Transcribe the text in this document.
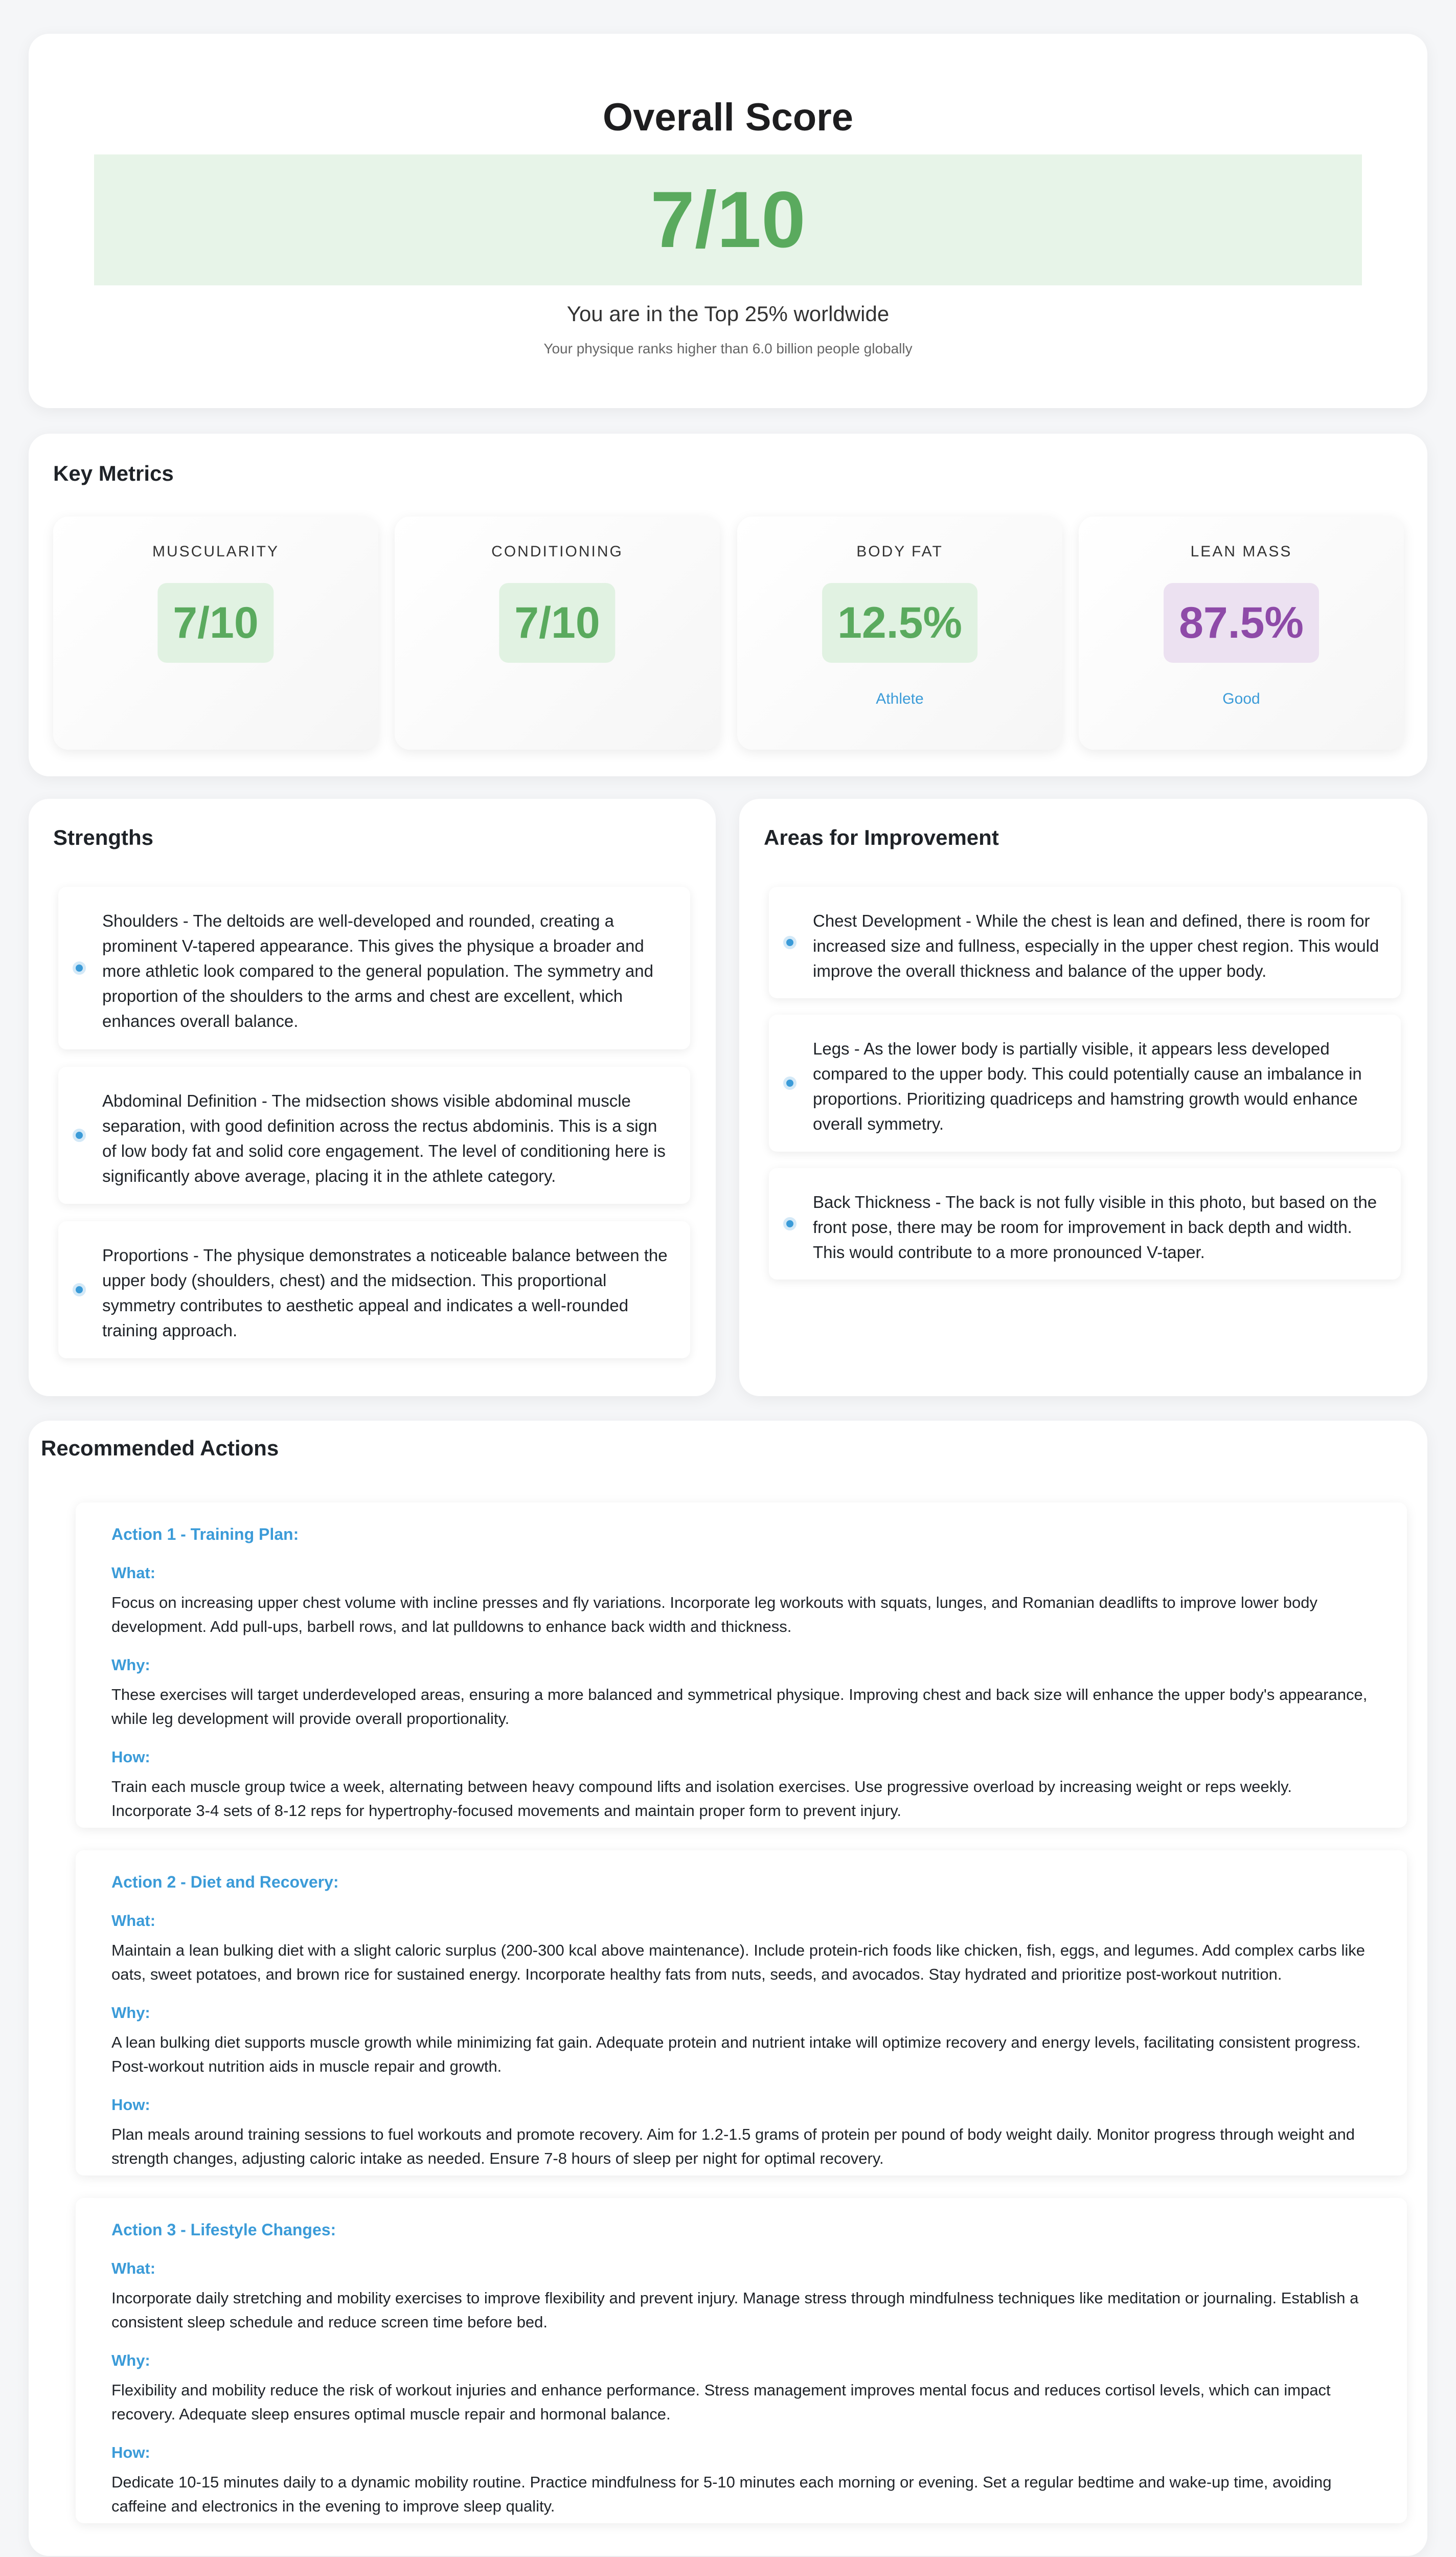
Overall Score
7/10
You are in the Top 25% worldwide
Your physique ranks higher than 6.0 billion people globally
Key Metrics
MUSCULARITY
7/10
CONDITIONING
7/10
BODY FAT
12.5%
Athlete
LEAN MASS
87.5%
Good
Strengths
Shoulders - The deltoids are well-developed and rounded, creating a prominent V-tapered appearance. This gives the physique a broader and more athletic look compared to the general population. The symmetry and proportion of the shoulders to the arms and chest are excellent, which enhances overall balance.
Abdominal Definition - The midsection shows visible abdominal muscle separation, with good definition across the rectus abdominis. This is a sign of low body fat and solid core engagement. The level of conditioning here is significantly above average, placing it in the athlete category.
Proportions - The physique demonstrates a noticeable balance between the upper body (shoulders, chest) and the midsection. This proportional symmetry contributes to aesthetic appeal and indicates a well-rounded training approach.
Areas for Improvement
Chest Development - While the chest is lean and defined, there is room for increased size and fullness, especially in the upper chest region. This would improve the overall thickness and balance of the upper body.
Legs - As the lower body is partially visible, it appears less developed compared to the upper body. This could potentially cause an imbalance in proportions. Prioritizing quadriceps and hamstring growth would enhance overall symmetry.
Back Thickness - The back is not fully visible in this photo, but based on the front pose, there may be room for improvement in back depth and width. This would contribute to a more pronounced V-taper.
Recommended Actions
Action 1 - Training Plan:
What:
Focus on increasing upper chest volume with incline presses and fly variations. Incorporate leg workouts with squats, lunges, and Romanian deadlifts to improve lower body development. Add pull-ups, barbell rows, and lat pulldowns to enhance back width and thickness.
Why:
These exercises will target underdeveloped areas, ensuring a more balanced and symmetrical physique. Improving chest and back size will enhance the upper body's appearance, while leg development will provide overall proportionality.
How:
Train each muscle group twice a week, alternating between heavy compound lifts and isolation exercises. Use progressive overload by increasing weight or reps weekly. Incorporate 3-4 sets of 8-12 reps for hypertrophy-focused movements and maintain proper form to prevent injury.
Action 2 - Diet and Recovery:
What:
Maintain a lean bulking diet with a slight caloric surplus (200-300 kcal above maintenance). Include protein-rich foods like chicken, fish, eggs, and legumes. Add complex carbs like oats, sweet potatoes, and brown rice for sustained energy. Incorporate healthy fats from nuts, seeds, and avocados. Stay hydrated and prioritize post-workout nutrition.
Why:
A lean bulking diet supports muscle growth while minimizing fat gain. Adequate protein and nutrient intake will optimize recovery and energy levels, facilitating consistent progress. Post-workout nutrition aids in muscle repair and growth.
How:
Plan meals around training sessions to fuel workouts and promote recovery. Aim for 1.2-1.5 grams of protein per pound of body weight daily. Monitor progress through weight and strength changes, adjusting caloric intake as needed. Ensure 7-8 hours of sleep per night for optimal recovery.
Action 3 - Lifestyle Changes:
What:
Incorporate daily stretching and mobility exercises to improve flexibility and prevent injury. Manage stress through mindfulness techniques like meditation or journaling. Establish a consistent sleep schedule and reduce screen time before bed.
Why:
Flexibility and mobility reduce the risk of workout injuries and enhance performance. Stress management improves mental focus and reduces cortisol levels, which can impact recovery. Adequate sleep ensures optimal muscle repair and hormonal balance.
How:
Dedicate 10-15 minutes daily to a dynamic mobility routine. Practice mindfulness for 5-10 minutes each morning or evening. Set a regular bedtime and wake-up time, avoiding caffeine and electronics in the evening to improve sleep quality.
